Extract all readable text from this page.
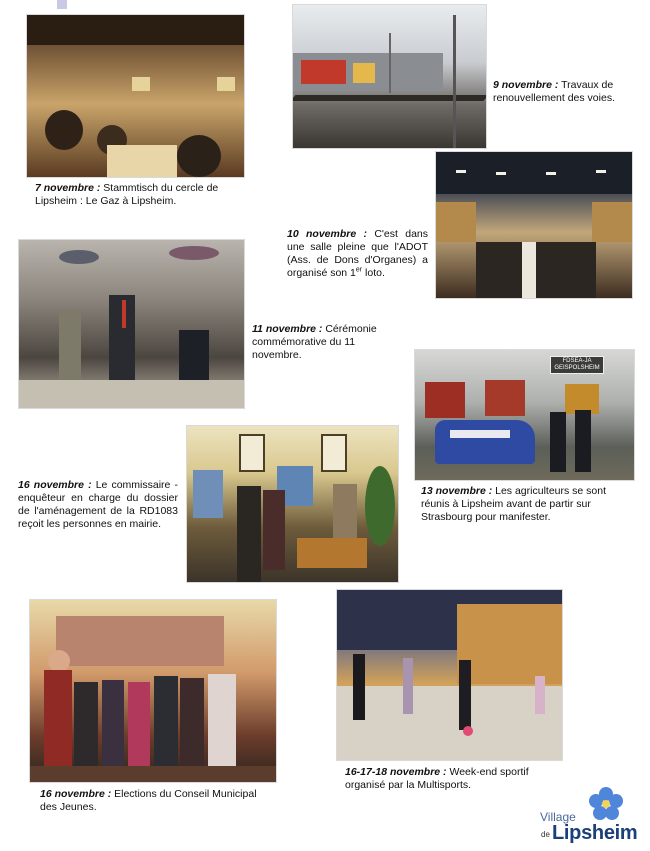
7 novembre : Stammtisch du cercle de Lipsheim : Le Gaz à Lipsheim.
9 novembre : Travaux de renouvellement des voies.
10 novembre : C'est dans une salle pleine que l'ADOT (Ass. de Dons d'Organes) a organisé son 1er loto.
11 novembre : Cérémonie commémorative du 11 novembre.	FDSEA-JA GEISPOLSHEIM
13 novembre : Les agriculteurs se sont réunis à Lipsheim avant de partir sur Strasbourg pour manifester.
16 novembre : Le commissaire - enquêteur en charge du dossier de l'aménagement de la RD1083 reçoit les personnes en mairie.
16 novembre : Elections du Conseil Municipal des Jeunes.
16-17-18 novembre : Week-end sportif organisé par la Multisports.
Village
de Lipsheim
